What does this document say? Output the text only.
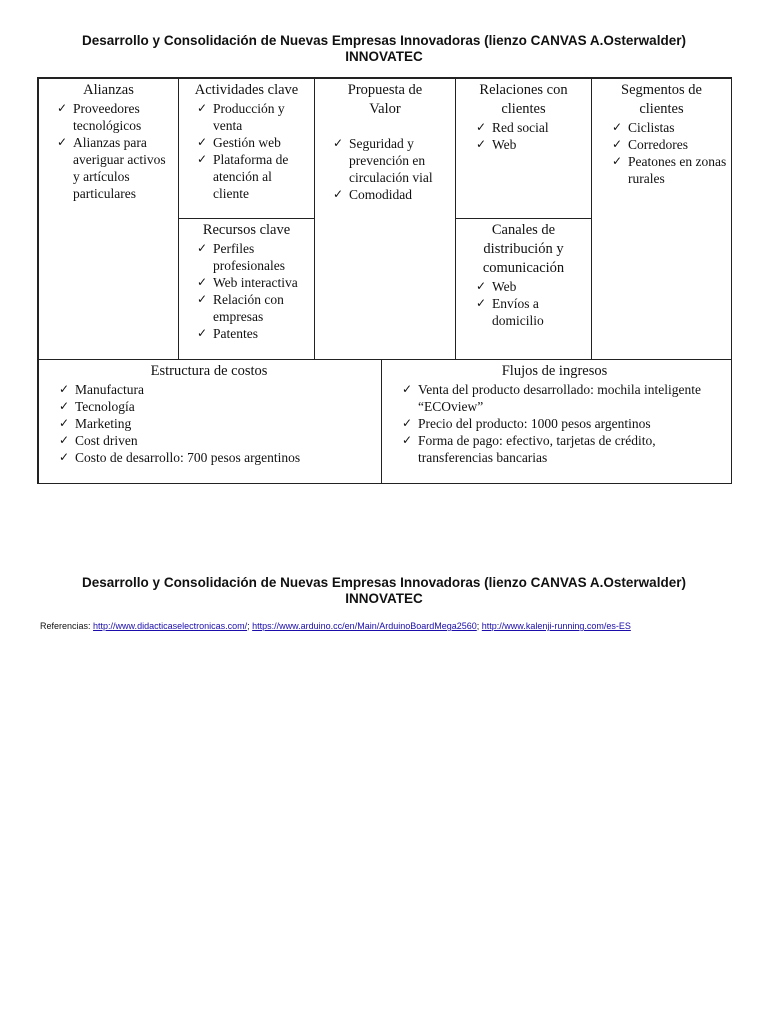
Desarrollo y Consolidación de Nuevas Empresas Innovadoras (lienzo CANVAS A.Osterwalder)
INNOVATEC
Alianzas
✓ Proveedores tecnológicos
✓ Alianzas para averiguar activos y artículos particulares
Actividades clave
✓ Producción y venta
✓ Gestión web
✓ Plataforma de atención al cliente
Recursos clave
✓ Perfiles profesionales
✓ Web interactiva
✓ Relación con empresas
✓ Patentes
Propuesta de Valor
✓ Seguridad y prevención en circulación vial
✓ Comodidad
Relaciones con clientes
✓ Red social
✓ Web
Canales de distribución y comunicación
✓ Web
✓ Envíos a domicilio
Segmentos de clientes
✓ Ciclistas
✓ Corredores
✓ Peatones en zonas rurales
Estructura de costos
✓ Manufactura
✓ Tecnología
✓ Marketing
✓ Cost driven
✓ Costo de desarrollo: 700 pesos argentinos
Flujos de ingresos
✓ Venta del producto desarrollado: mochila inteligente “ECOview”
✓ Precio del producto: 1000 pesos argentinos
✓ Forma de pago: efectivo, tarjetas de crédito, transferencias bancarias
Desarrollo y Consolidación de Nuevas Empresas Innovadoras (lienzo CANVAS A.Osterwalder)
INNOVATEC
Referencias: http://www.didacticaselectronicas.com/; https://www.arduino.cc/en/Main/ArduinoBoardMega2560; http://www.kalenji-running.com/es-ES
